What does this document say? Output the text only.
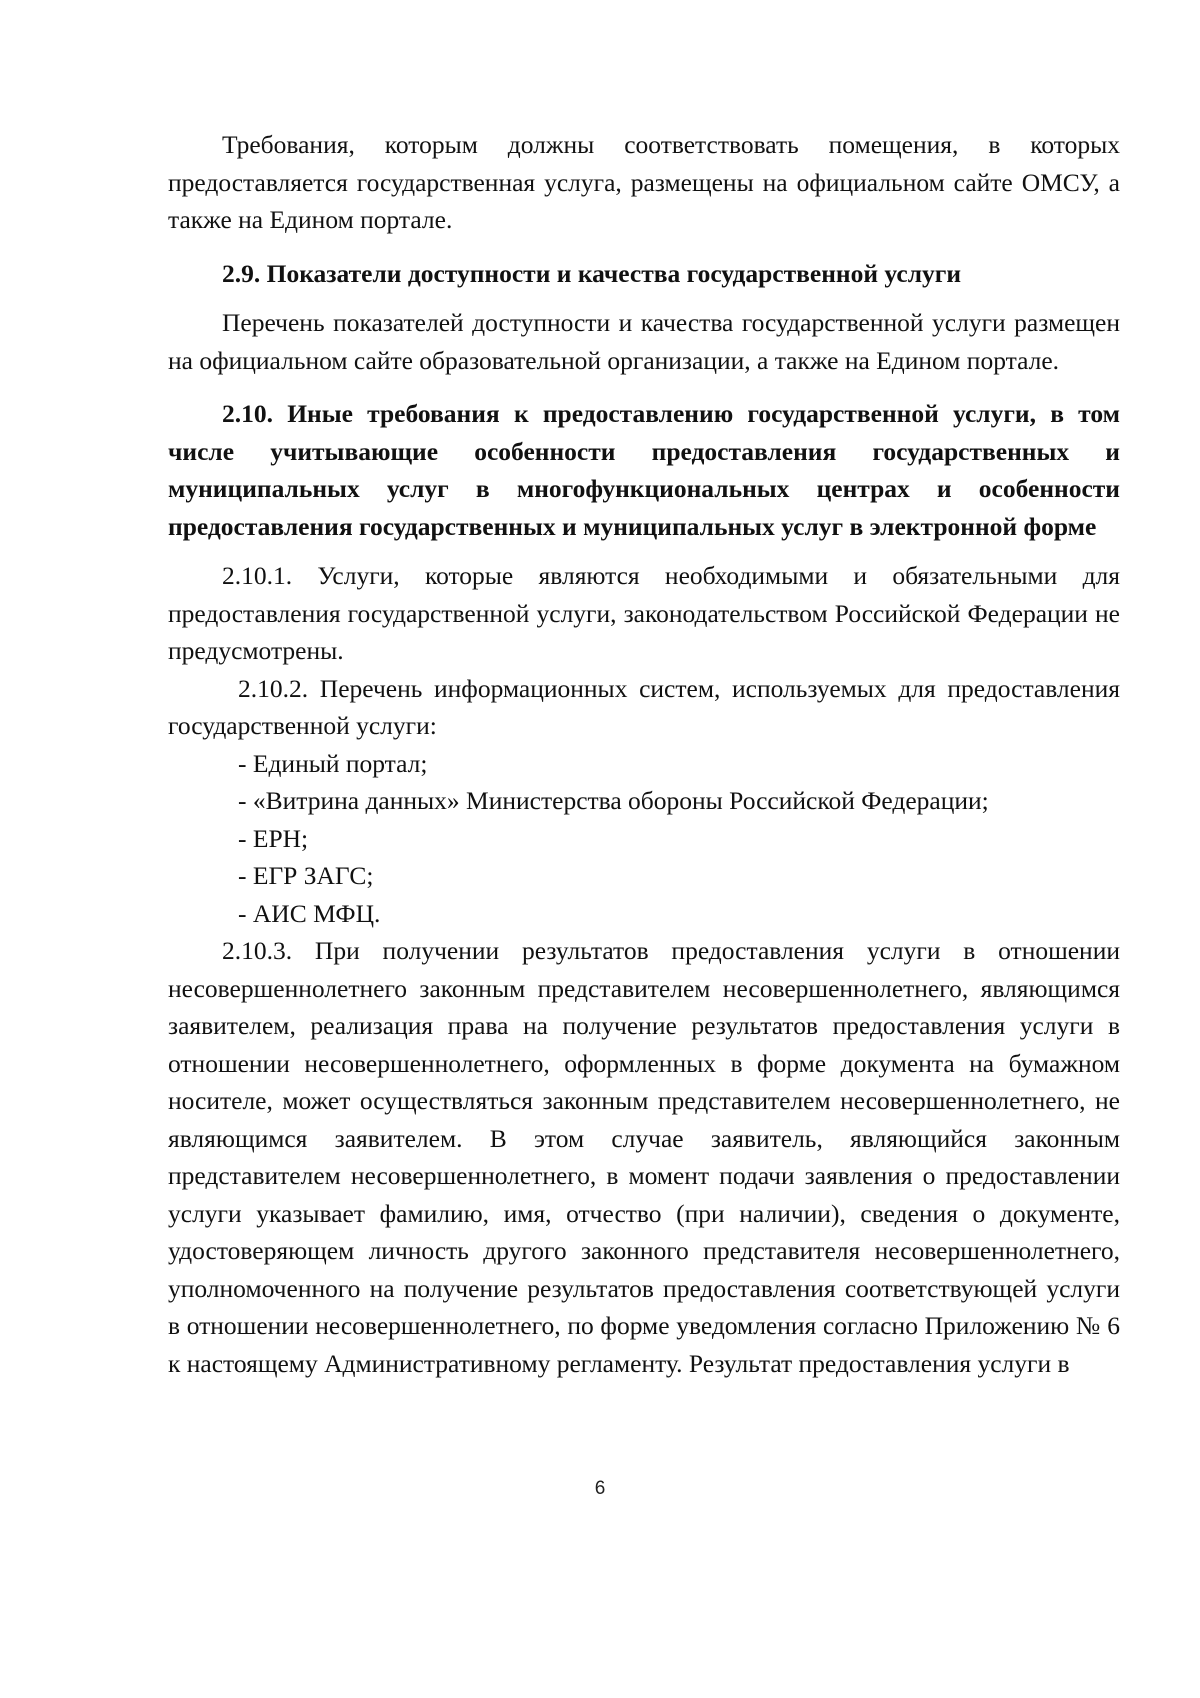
Требования, которым должны соответствовать помещения, в которых предоставляется государственная услуга, размещены на официальном сайте ОМСУ, а также на Едином портале.

2.9. Показатели доступности и качества государственной услуги

Перечень показателей доступности и качества государственной услуги размещен на официальном сайте образовательной организации, а также на Едином портале.

2.10. Иные требования к предоставлению государственной услуги, в том числе учитывающие особенности предоставления государственных и муниципальных услуг в многофункциональных центрах и особенности предоставления государственных и муниципальных услуг в электронной форме

2.10.1. Услуги, которые являются необходимыми и обязательными для предоставления государственной услуги, законодательством Российской Федерации не предусмотрены.

2.10.2. Перечень информационных систем, используемых для предоставления государственной услуги:

- Единый портал;
- «Витрина данных» Министерства обороны Российской Федерации;
- ЕРН;
- ЕГР ЗАГС;
- АИС МФЦ.

2.10.3. При получении результатов предоставления услуги в отношении несовершеннолетнего законным представителем несовершеннолетнего, являющимся заявителем, реализация права на получение результатов предоставления услуги в отношении несовершеннолетнего, оформленных в форме документа на бумажном носителе, может осуществляться законным представителем несовершеннолетнего, не являющимся заявителем. В этом случае заявитель, являющийся законным представителем несовершеннолетнего, в момент подачи заявления о предоставлении услуги указывает фамилию, имя, отчество (при наличии), сведения о документе, удостоверяющем личность другого законного представителя несовершеннолетнего, уполномоченного на получение результатов предоставления соответствующей услуги в отношении несовершеннолетнего, по форме уведомления согласно Приложению № 6 к настоящему Административному регламенту. Результат предоставления услуги в

6
